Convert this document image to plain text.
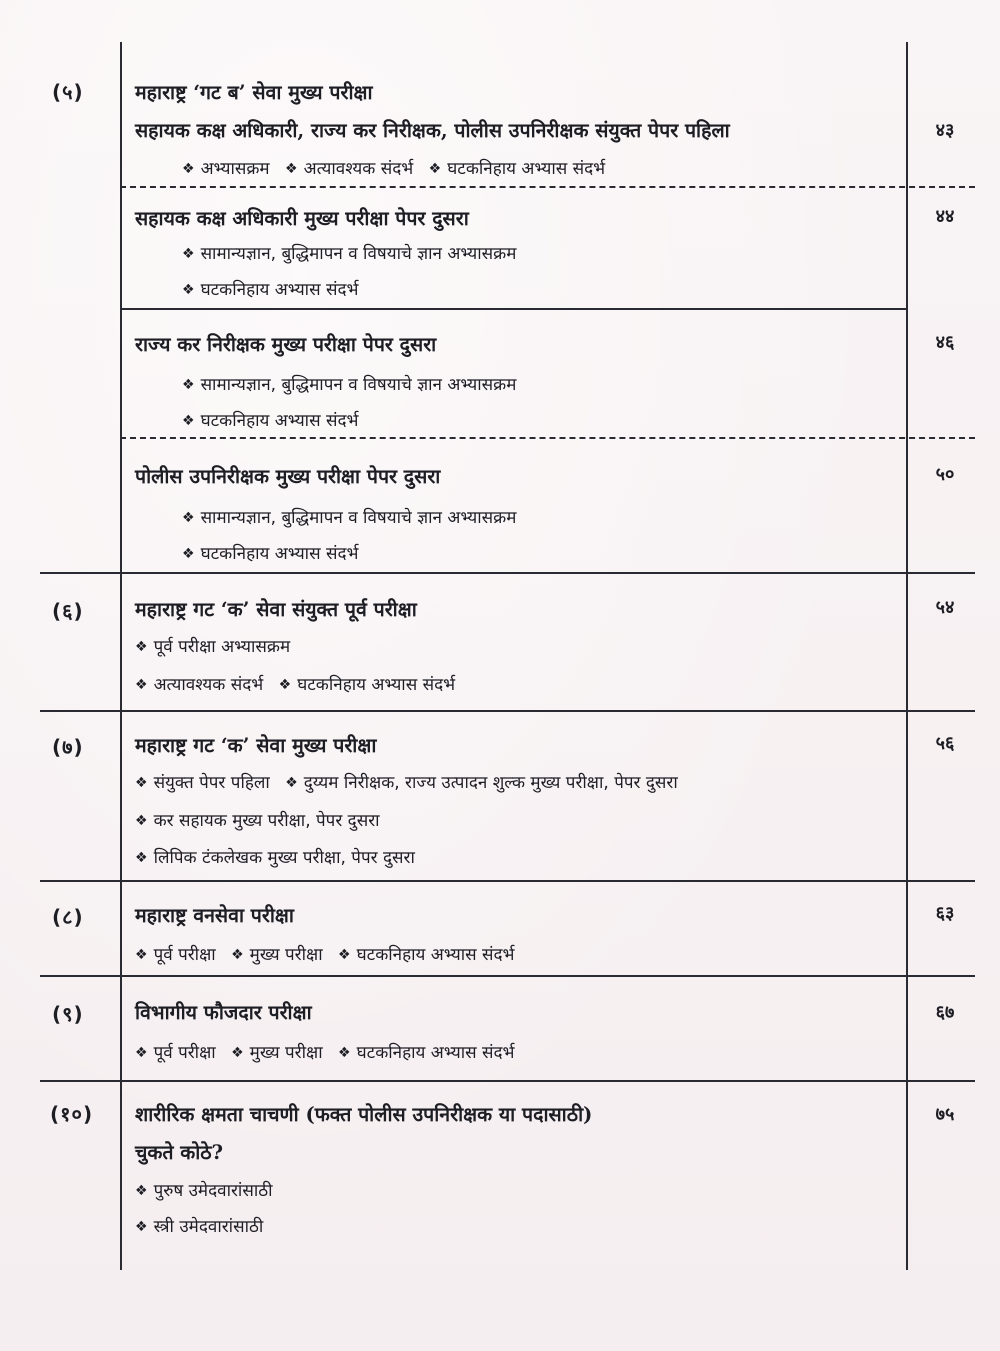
(५)	महाराष्ट्र ‘गट ब’ सेवा मुख्य परीक्षा
सहायक कक्ष अधिकारी, राज्य कर निरीक्षक, पोलीस उपनिरीक्षक संयुक्त पेपर पहिला	४३
❖ अभ्यासक्रम ❖ अत्यावश्यक संदर्भ ❖ घटकनिहाय अभ्यास संदर्भ
सहायक कक्ष अधिकारी मुख्य परीक्षा पेपर दुसरा	४४
❖ सामान्यज्ञान, बुद्धिमापन व विषयाचे ज्ञान अभ्यासक्रम
❖ घटकनिहाय अभ्यास संदर्भ
राज्य कर निरीक्षक मुख्य परीक्षा पेपर दुसरा	४६
❖ सामान्यज्ञान, बुद्धिमापन व विषयाचे ज्ञान अभ्यासक्रम
❖ घटकनिहाय अभ्यास संदर्भ
पोलीस उपनिरीक्षक मुख्य परीक्षा पेपर दुसरा	५०
❖ सामान्यज्ञान, बुद्धिमापन व विषयाचे ज्ञान अभ्यासक्रम
❖ घटकनिहाय अभ्यास संदर्भ
(६)	महाराष्ट्र गट ‘क’ सेवा संयुक्त पूर्व परीक्षा	५४
❖ पूर्व परीक्षा अभ्यासक्रम
❖ अत्यावश्यक संदर्भ ❖ घटकनिहाय अभ्यास संदर्भ
(७)	महाराष्ट्र गट ‘क’ सेवा मुख्य परीक्षा	५६
❖ संयुक्त पेपर पहिला ❖ दुय्यम निरीक्षक, राज्य उत्पादन शुल्क मुख्य परीक्षा, पेपर दुसरा
❖ कर सहायक मुख्य परीक्षा, पेपर दुसरा
❖ लिपिक टंकलेखक मुख्य परीक्षा, पेपर दुसरा
(८)	महाराष्ट्र वनसेवा परीक्षा	६३
❖ पूर्व परीक्षा ❖ मुख्य परीक्षा ❖ घटकनिहाय अभ्यास संदर्भ
(९)	विभागीय फौजदार परीक्षा	६७
❖ पूर्व परीक्षा ❖ मुख्य परीक्षा ❖ घटकनिहाय अभ्यास संदर्भ
(१०)	शारीरिक क्षमता चाचणी (फक्त पोलीस उपनिरीक्षक या पदासाठी)	७५
चुकते कोठे?
❖ पुरुष उमेदवारांसाठी
❖ स्त्री उमेदवारांसाठी
